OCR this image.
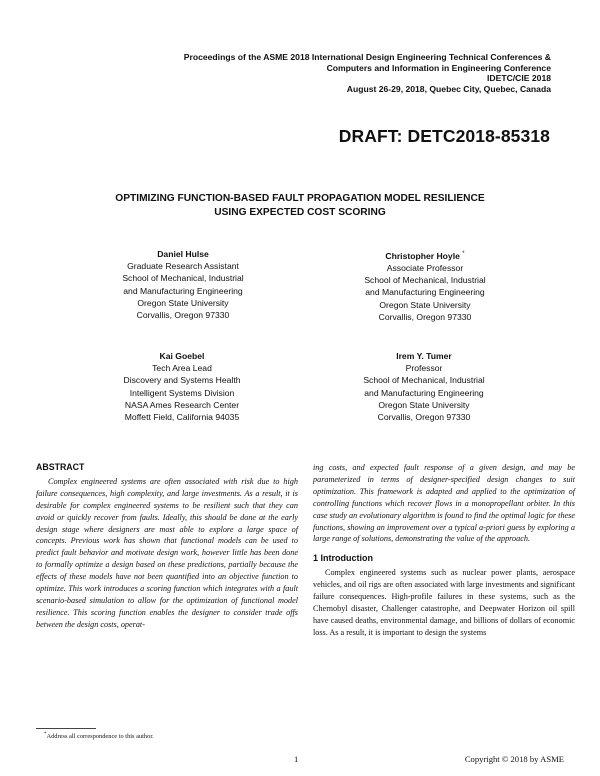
Proceedings of the ASME 2018 International Design Engineering Technical Conferences &
Computers and Information in Engineering Conference
IDETC/CIE 2018
August 26-29, 2018, Quebec City, Quebec, Canada
DRAFT: DETC2018-85318
OPTIMIZING FUNCTION-BASED FAULT PROPAGATION MODEL RESILIENCE
USING EXPECTED COST SCORING
Daniel Hulse
Graduate Research Assistant
School of Mechanical, Industrial
and Manufacturing Engineering
Oregon State University
Corvallis, Oregon 97330
Christopher Hoyle *
Associate Professor
School of Mechanical, Industrial
and Manufacturing Engineering
Oregon State University
Corvallis, Oregon 97330
Kai Goebel
Tech Area Lead
Discovery and Systems Health
Intelligent Systems Division
NASA Ames Research Center
Moffett Field, California 94035
Irem Y. Tumer
Professor
School of Mechanical, Industrial
and Manufacturing Engineering
Oregon State University
Corvallis, Oregon 97330
ABSTRACT

Complex engineered systems are often associated with risk due to high failure consequences, high complexity, and large investments. As a result, it is desirable for complex engineered systems to be resilient such that they can avoid or quickly recover from faults. Ideally, this should be done at the early design stage where designers are most able to explore a large space of concepts. Previous work has shown that functional models can be used to predict fault behavior and motivate design work, however little has been done to formally optimize a design based on these predictions, partially because the effects of these models have not been quantified into an objective function to optimize. This work introduces a scoring function which integrates with a fault scenario-based simulation to allow for the optimization of functional model resilience. This scoring function enables the designer to consider trade offs between the design costs, operat-

ing costs, and expected fault response of a given design, and may be parameterized in terms of designer-specified design changes to suit optimization. This framework is adapted and applied to the optimization of controlling functions which recover flows in a monopropellant orbiter. In this case study an evolutionary algorithm is found to find the optimal logic for these functions, showing an improvement over a typical a-priori guess by exploring a large range of solutions, demonstrating the value of the approach.

1 Introduction

Complex engineered systems such as nuclear power plants, aerospace vehicles, and oil rigs are often associated with large investments and significant failure consequences. High-profile failures in these systems, such as the Chernobyl disaster, Challenger catastrophe, and Deepwater Horizon oil spill have caused deaths, environmental damage, and billions of dollars of economic loss. As a result, it is important to design the systems

*Address all correspondence to this author.
1	Copyright © 2018 by ASME
